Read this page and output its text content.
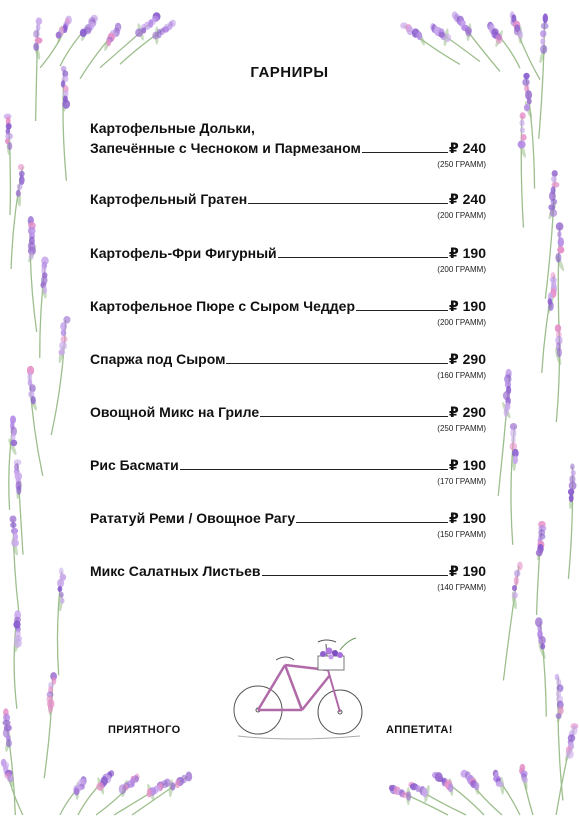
ГАРНИРЫ
Картофельные Дольки,
Запечённые с Чесноком и Пармезаном	₽ 240
(250 ГРАММ)
Картофельный Гратен	₽ 240
(200 ГРАММ)
Картофель-Фри Фигурный	₽ 190
(200 ГРАММ)
Картофельное Пюре с Сыром Чеддер	₽ 190
(200 ГРАММ)
Спаржа под Сыром	₽ 290
(160 ГРАММ)
Овощной Микс на Гриле	₽ 290
(250 ГРАММ)
Рис Басмати	₽ 190
(170 ГРАММ)
Рататуй Реми / Овощное Рагу	₽ 190
(150 ГРАММ)
Микс Салатных Листьев	₽ 190
(140 ГРАММ)
ПРИЯТНОГО	АППЕТИТА!
